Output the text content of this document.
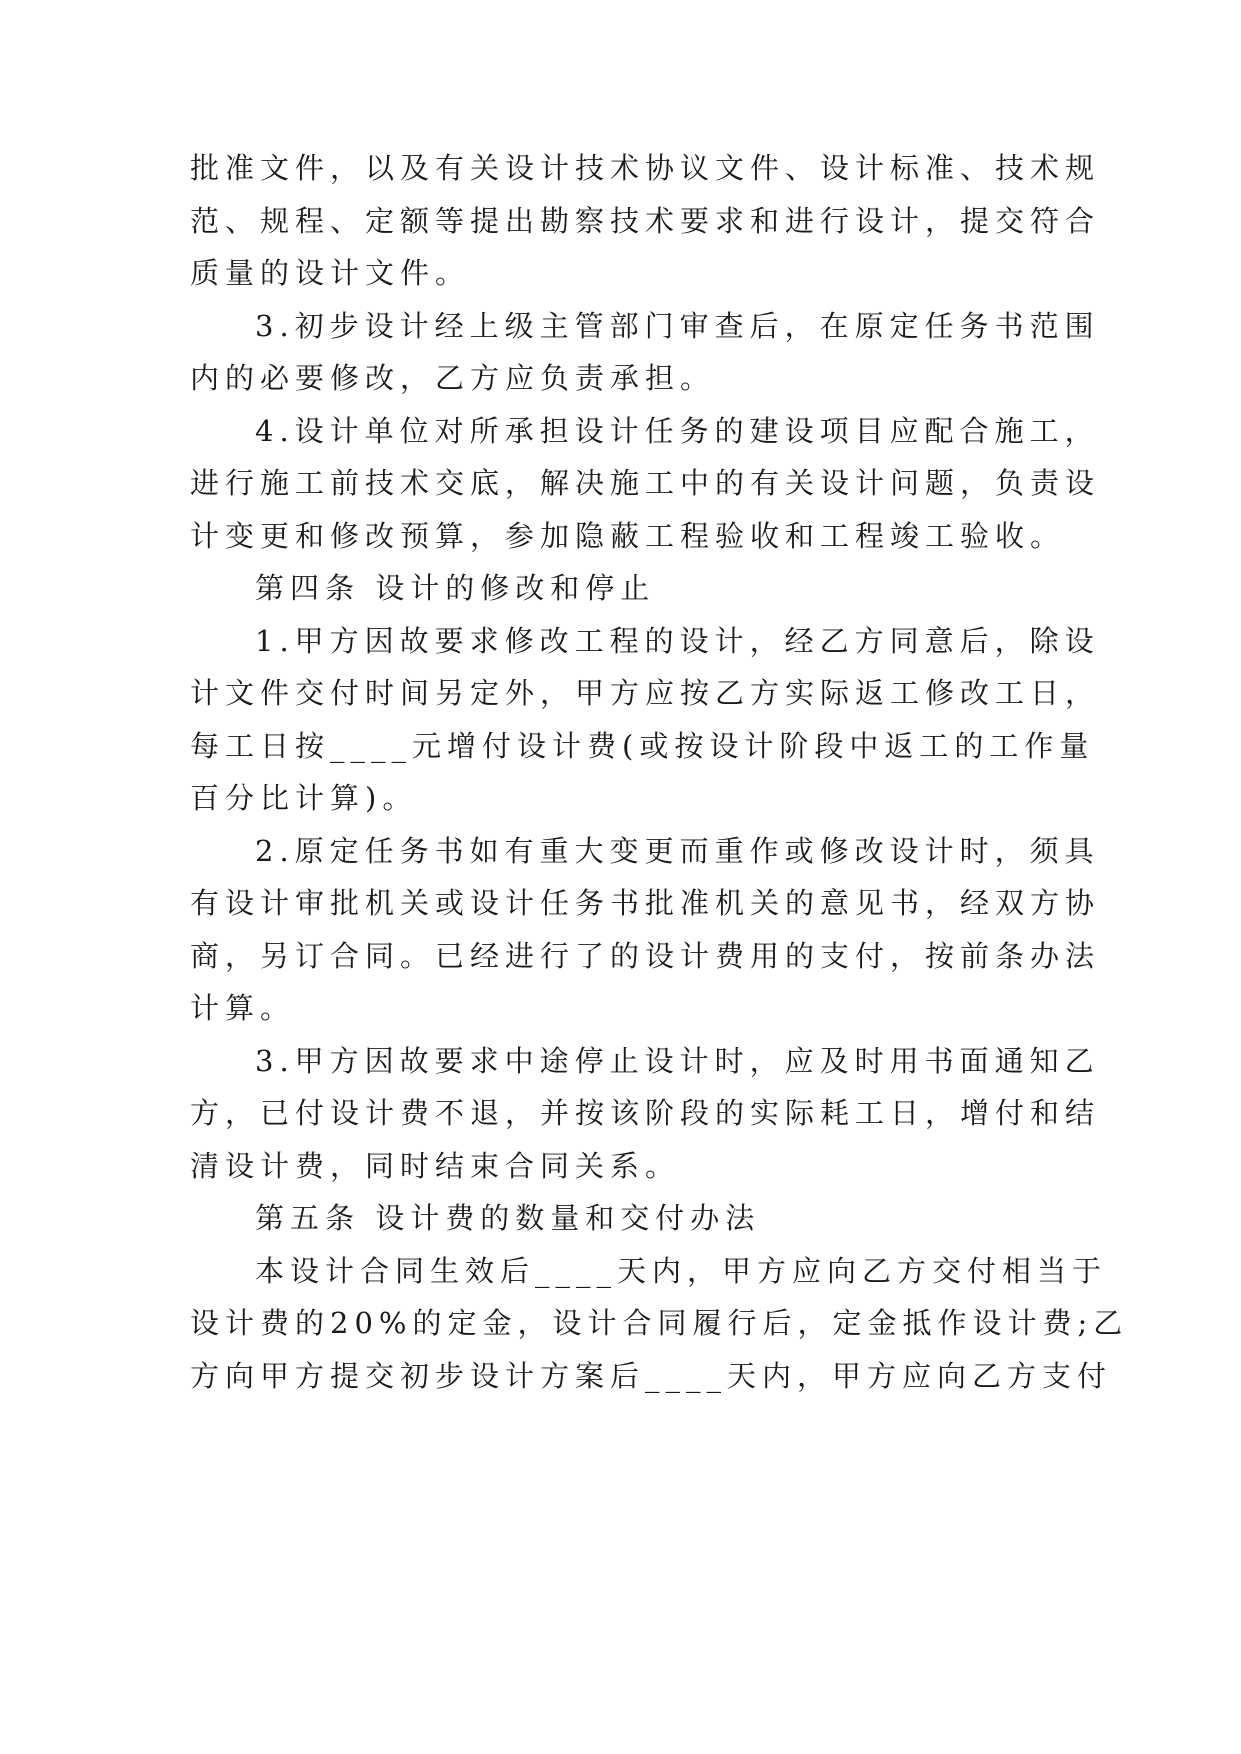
批准文件，以及有关设计技术协议文件、设计标准、技术规
范、规程、定额等提出勘察技术要求和进行设计，提交符合
质量的设计文件。
3.初步设计经上级主管部门审查后，在原定任务书范围
内的必要修改，乙方应负责承担。
4.设计单位对所承担设计任务的建设项目应配合施工，
进行施工前技术交底，解决施工中的有关设计问题，负责设
计变更和修改预算，参加隐蔽工程验收和工程竣工验收。
第四条 设计的修改和停止
1.甲方因故要求修改工程的设计，经乙方同意后，除设
计文件交付时间另定外，甲方应按乙方实际返工修改工日，
每工日按____元增付设计费(或按设计阶段中返工的工作量
百分比计算)。
2.原定任务书如有重大变更而重作或修改设计时，须具
有设计审批机关或设计任务书批准机关的意见书，经双方协
商，另订合同。已经进行了的设计费用的支付，按前条办法
计算。
3.甲方因故要求中途停止设计时，应及时用书面通知乙
方，已付设计费不退，并按该阶段的实际耗工日，增付和结
清设计费，同时结束合同关系。
第五条 设计费的数量和交付办法
本设计合同生效后____天内，甲方应向乙方交付相当于
设计费的20%的定金，设计合同履行后，定金抵作设计费;乙
方向甲方提交初步设计方案后____天内，甲方应向乙方支付
